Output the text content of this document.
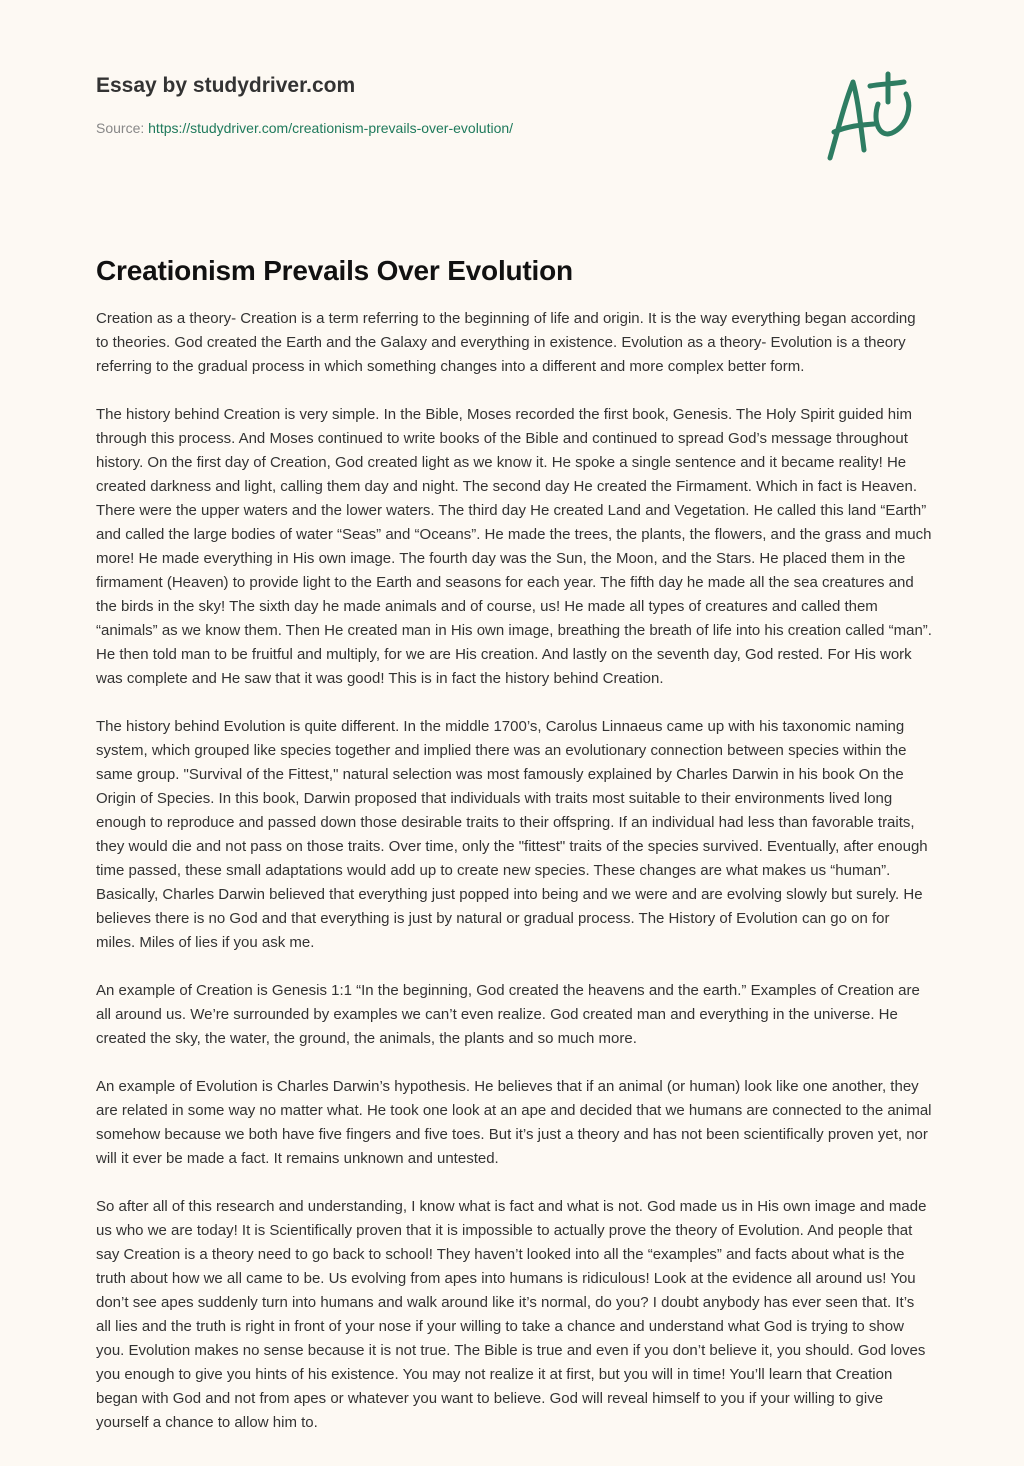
Essay by studydriver.com
Source: https://studydriver.com/creationism-prevails-over-evolution/
Creationism Prevails Over Evolution

Creation as a theory- Creation is a term referring to the beginning of life and origin. It is the way everything began according to theories. God created the Earth and the Galaxy and everything in existence. Evolution as a theory- Evolution is a theory referring to the gradual process in which something changes into a different and more complex better form.

The history behind Creation is very simple. In the Bible, Moses recorded the first book, Genesis. The Holy Spirit guided him through this process. And Moses continued to write books of the Bible and continued to spread God’s message throughout history. On the first day of Creation, God created light as we know it. He spoke a single sentence and it became reality! He created darkness and light, calling them day and night. The second day He created the Firmament. Which in fact is Heaven. There were the upper waters and the lower waters. The third day He created Land and Vegetation. He called this land “Earth” and called the large bodies of water “Seas” and “Oceans”. He made the trees, the plants, the flowers, and the grass and much more! He made everything in His own image. The fourth day was the Sun, the Moon, and the Stars. He placed them in the firmament (Heaven) to provide light to the Earth and seasons for each year. The fifth day he made all the sea creatures and the birds in the sky! The sixth day he made animals and of course, us! He made all types of creatures and called them “animals” as we know them. Then He created man in His own image, breathing the breath of life into his creation called “man”. He then told man to be fruitful and multiply, for we are His creation. And lastly on the seventh day, God rested. For His work was complete and He saw that it was good! This is in fact the history behind Creation.

The history behind Evolution is quite different. In the middle 1700’s, Carolus Linnaeus came up with his taxonomic naming system, which grouped like species together and implied there was an evolutionary connection between species within the same group. "Survival of the Fittest," natural selection was most famously explained by Charles Darwin in his book On the Origin of Species. In this book, Darwin proposed that individuals with traits most suitable to their environments lived long enough to reproduce and passed down those desirable traits to their offspring. If an individual had less than favorable traits, they would die and not pass on those traits. Over time, only the "fittest" traits of the species survived. Eventually, after enough time passed, these small adaptations would add up to create new species. These changes are what makes us “human”. Basically, Charles Darwin believed that everything just popped into being and we were and are evolving slowly but surely. He believes there is no God and that everything is just by natural or gradual process. The History of Evolution can go on for miles. Miles of lies if you ask me.

An example of Creation is Genesis 1:1 “In the beginning, God created the heavens and the earth.” Examples of Creation are all around us. We’re surrounded by examples we can’t even realize. God created man and everything in the universe. He created the sky, the water, the ground, the animals, the plants and so much more.

An example of Evolution is Charles Darwin’s hypothesis. He believes that if an animal (or human) look like one another, they are related in some way no matter what. He took one look at an ape and decided that we humans are connected to the animal somehow because we both have five fingers and five toes. But it’s just a theory and has not been scientifically proven yet, nor will it ever be made a fact. It remains unknown and untested.

So after all of this research and understanding, I know what is fact and what is not. God made us in His own image and made us who we are today! It is Scientifically proven that it is impossible to actually prove the theory of Evolution. And people that say Creation is a theory need to go back to school! They haven’t looked into all the “examples” and facts about what is the truth about how we all came to be. Us evolving from apes into humans is ridiculous! Look at the evidence all around us! You don’t see apes suddenly turn into humans and walk around like it’s normal, do you? I doubt anybody has ever seen that. It’s all lies and the truth is right in front of your nose if your willing to take a chance and understand what God is trying to show you. Evolution makes no sense because it is not true. The Bible is true and even if you don’t believe it, you should. God loves you enough to give you hints of his existence. You may not realize it at first, but you will in time! You’ll learn that Creation began with God and not from apes or whatever you want to believe. God will reveal himself to you if your willing to give yourself a chance to allow him to.
